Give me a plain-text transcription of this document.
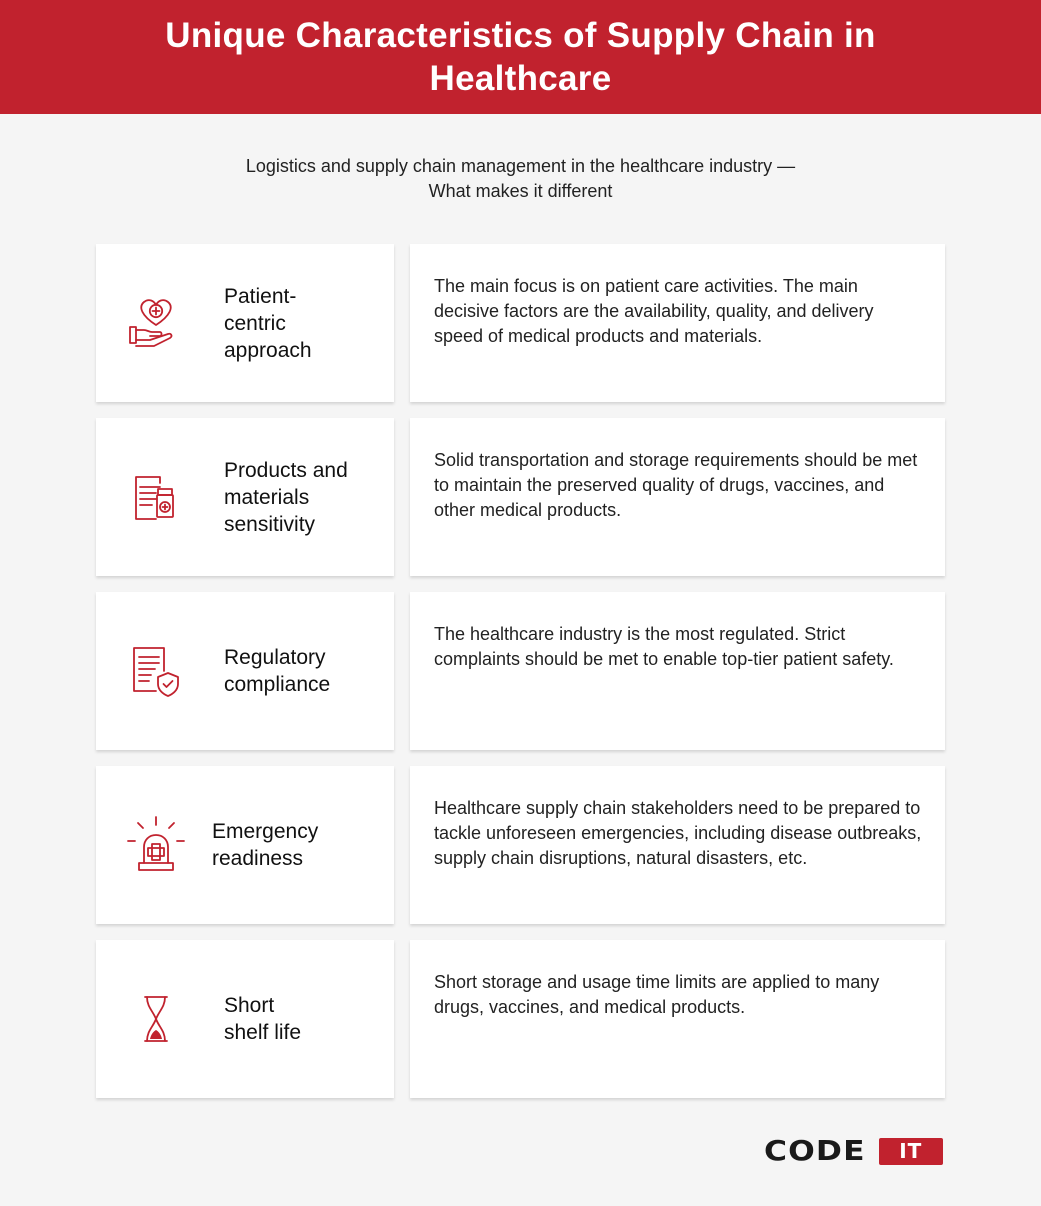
Unique Characteristics of Supply Chain in Healthcare
Logistics and supply chain management in the healthcare industry —
What makes it different
Patient-
centric
approach
The main focus is on patient care activities. The main decisive factors are the availability, quality, and delivery speed of medical products and materials.
Products and
materials
sensitivity
Solid transportation and storage requirements should be met to maintain the preserved quality of drugs, vaccines, and other medical products.
Regulatory
compliance
The healthcare industry is the most regulated. Strict complaints should be met to enable top-tier patient safety.
Emergency
readiness
Healthcare supply chain stakeholders need to be prepared to tackle unforeseen emergencies, including disease outbreaks, supply chain disruptions, natural disasters, etc.
Short
shelf life
Short storage and usage time limits are applied to many drugs, vaccines, and medical products.
CODE	IT
